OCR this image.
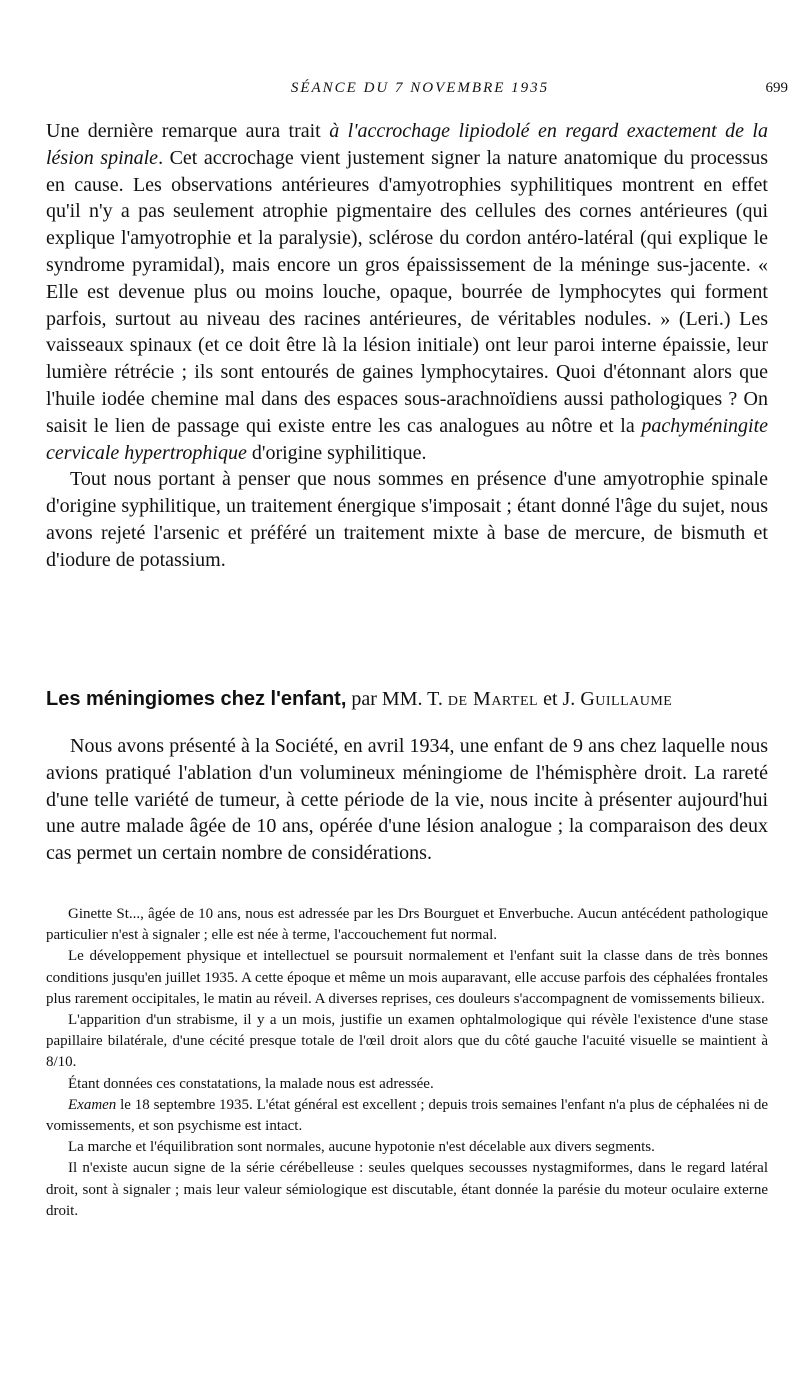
SÉANCE DU 7 NOVEMBRE 1935	699

Une dernière remarque aura trait à l'accrochage lipiodolé en regard exactement de la lésion spinale. Cet accrochage vient justement signer la nature anatomique du processus en cause. Les observations antérieures d'amyotrophies syphilitiques montrent en effet qu'il n'y a pas seulement atrophie pigmentaire des cellules des cornes antérieures (qui explique l'amyotrophie et la paralysie), sclérose du cordon antéro-latéral (qui explique le syndrome pyramidal), mais encore un gros épaississement de la méninge sus-jacente. « Elle est devenue plus ou moins louche, opaque, bourrée de lymphocytes qui forment parfois, surtout au niveau des racines antérieures, de véritables nodules. » (Leri.) Les vaisseaux spinaux (et ce doit être là la lésion initiale) ont leur paroi interne épaissie, leur lumière rétrécie ; ils sont entourés de gaines lymphocytaires. Quoi d'étonnant alors que l'huile iodée chemine mal dans des espaces sous-arachnoïdiens aussi pathologiques ? On saisit le lien de passage qui existe entre les cas analogues au nôtre et la pachyméningite cervicale hypertrophique d'origine syphilitique.

Tout nous portant à penser que nous sommes en présence d'une amyotrophie spinale d'origine syphilitique, un traitement énergique s'imposait ; étant donné l'âge du sujet, nous avons rejeté l'arsenic et préféré un traitement mixte à base de mercure, de bismuth et d'iodure de potassium.

Les méningiomes chez l'enfant, par MM. T. de Martel et J. Guillaume

Nous avons présenté à la Société, en avril 1934, une enfant de 9 ans chez laquelle nous avions pratiqué l'ablation d'un volumineux méningiome de l'hémisphère droit. La rareté d'une telle variété de tumeur, à cette période de la vie, nous incite à présenter aujourd'hui une autre malade âgée de 10 ans, opérée d'une lésion analogue ; la comparaison des deux cas permet un certain nombre de considérations.

Ginette St..., âgée de 10 ans, nous est adressée par les Drs Bourguet et Enverbuche. Aucun antécédent pathologique particulier n'est à signaler ; elle est née à terme, l'accouchement fut normal.

Le développement physique et intellectuel se poursuit normalement et l'enfant suit la classe dans de très bonnes conditions jusqu'en juillet 1935. A cette époque et même un mois auparavant, elle accuse parfois des céphalées frontales plus rarement occipitales, le matin au réveil. A diverses reprises, ces douleurs s'accompagnent de vomissements bilieux.

L'apparition d'un strabisme, il y a un mois, justifie un examen ophtalmologique qui révèle l'existence d'une stase papillaire bilatérale, d'une cécité presque totale de l'œil droit alors que du côté gauche l'acuité visuelle se maintient à 8/10.

Étant données ces constatations, la malade nous est adressée.

Examen le 18 septembre 1935. L'état général est excellent ; depuis trois semaines l'enfant n'a plus de céphalées ni de vomissements, et son psychisme est intact.

La marche et l'équilibration sont normales, aucune hypotonie n'est décelable aux divers segments.

Il n'existe aucun signe de la série cérébelleuse : seules quelques secousses nystagmiformes, dans le regard latéral droit, sont à signaler ; mais leur valeur sémiologique est discutable, étant donnée la parésie du moteur oculaire externe droit.
